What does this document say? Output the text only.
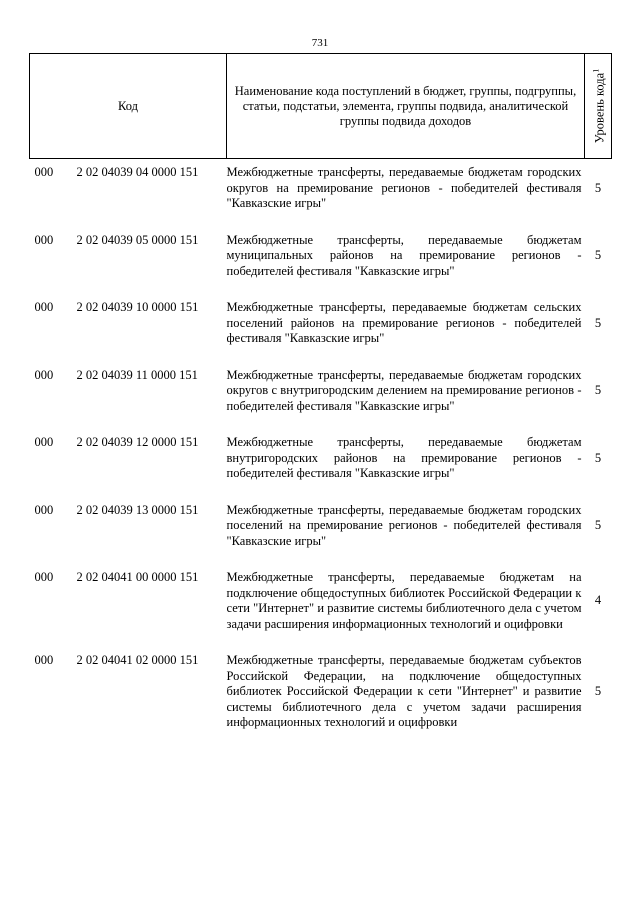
731
Код	Наименование кода поступлений в бюджет, группы, подгруппы, статьи, подстатьи, элемента, группы подвида, аналитической группы подвида доходов	Уровень кода$^1$

000 2 02 04039 04 0000 151	Межбюджетные трансферты, передаваемые бюджетам городских округов на премирование регионов - победителей фестиваля "Кавказские игры"	5

000 2 02 04039 05 0000 151	Межбюджетные трансферты, передаваемые бюджетам муниципальных районов на премирование регионов - победителей фестиваля "Кавказские игры"	5

000 2 02 04039 10 0000 151	Межбюджетные трансферты, передаваемые бюджетам сельских поселений районов на премирование регионов - победителей фестиваля "Кавказские игры"	5

000 2 02 04039 11 0000 151	Межбюджетные трансферты, передаваемые бюджетам городских округов с внутригородским делением на премирование регионов - победителей фестиваля "Кавказские игры"	5

000 2 02 04039 12 0000 151	Межбюджетные трансферты, передаваемые бюджетам внутригородских районов на премирование регионов - победителей фестиваля "Кавказские игры"	5

000 2 02 04039 13 0000 151	Межбюджетные трансферты, передаваемые бюджетам городских поселений на премирование регионов - победителей фестиваля "Кавказские игры"	5

000 2 02 04041 00 0000 151	Межбюджетные трансферты, передаваемые бюджетам на подключение общедоступных библиотек Российской Федерации к сети "Интернет" и развитие системы библиотечного дела с учетом задачи расширения информационных технологий и оцифровки	4

000 2 02 04041 02 0000 151	Межбюджетные трансферты, передаваемые бюджетам субъектов Российской Федерации, на подключение общедоступных библиотек Российской Федерации к сети "Интернет" и развитие системы библиотечного дела с учетом задачи расширения информационных технологий и оцифровки	5
